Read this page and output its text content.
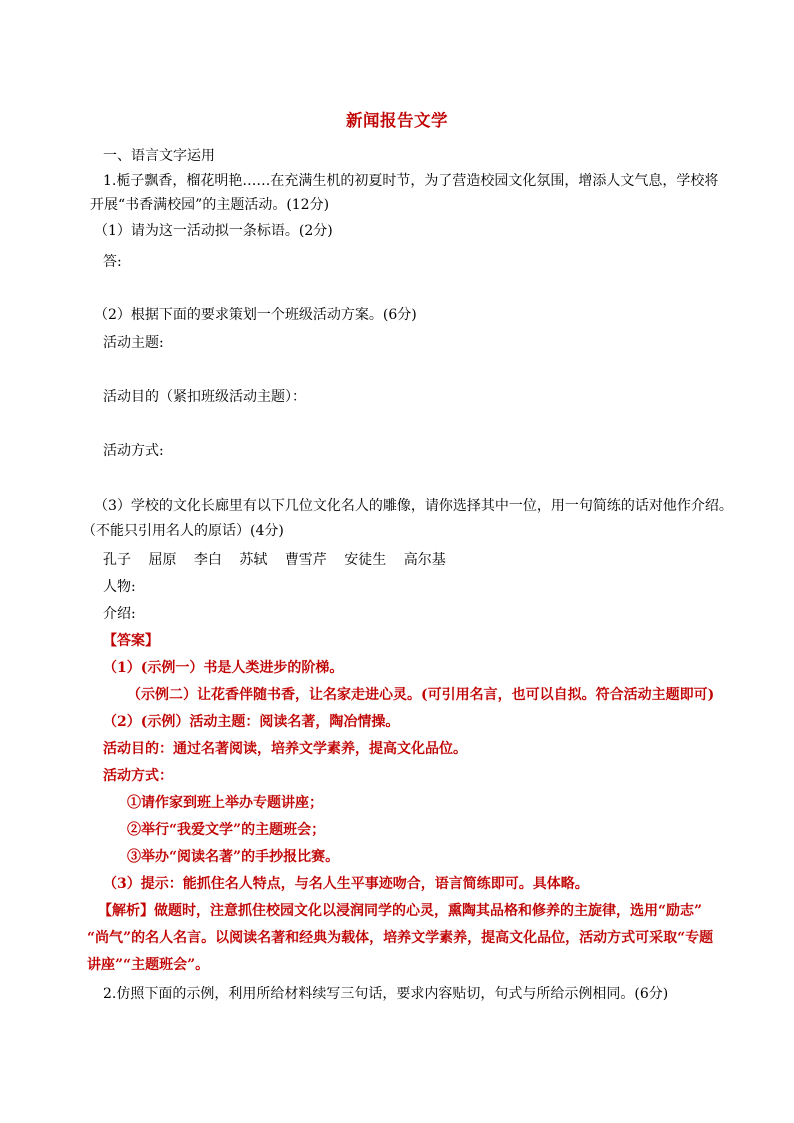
新闻报告文学
一、语言文字运用
1.栀子飘香，榴花明艳……在充满生机的初夏时节，为了营造校园文化氛围，增添人文气息，学校将
开展“书香满校园”的主题活动。(12分)
（1）请为这一活动拟一条标语。(2分)
答:
（2）根据下面的要求策划一个班级活动方案。(6分)
活动主题:
活动目的（紧扣班级活动主题）：
活动方式:
（3）学校的文化长廊里有以下几位文化名人的雕像，请你选择其中一位，用一句简练的话对他作介绍。
（不能只引用名人的原话）(4分)
孔子 屈原 李白 苏轼 曹雪芹 安徒生 高尔基
人物:
介绍:
【答案】
（1）(示例一）书是人类进步的阶梯。
（示例二）让花香伴随书香，让名家走进心灵。(可引用名言，也可以自拟。符合活动主题即可)
（2）(示例）活动主题：阅读名著，陶冶情操。
活动目的：通过名著阅读，培养文学素养，提高文化品位。
活动方式：
①请作家到班上举办专题讲座；
②举行“我爱文学”的主题班会；
③举办“阅读名著”的手抄报比赛。
（3）提示：能抓住名人特点，与名人生平事迹吻合，语言简练即可。具体略。
【解析】做题时，注意抓住校园文化以浸润同学的心灵，熏陶其品格和修养的主旋律，选用“励志”
“尚气”的名人名言。以阅读名著和经典为载体，培养文学素养，提高文化品位，活动方式可采取“专题
讲座”“主题班会”。
2.仿照下面的示例，利用所给材料续写三句话，要求内容贴切，句式与所给示例相同。(6分)
